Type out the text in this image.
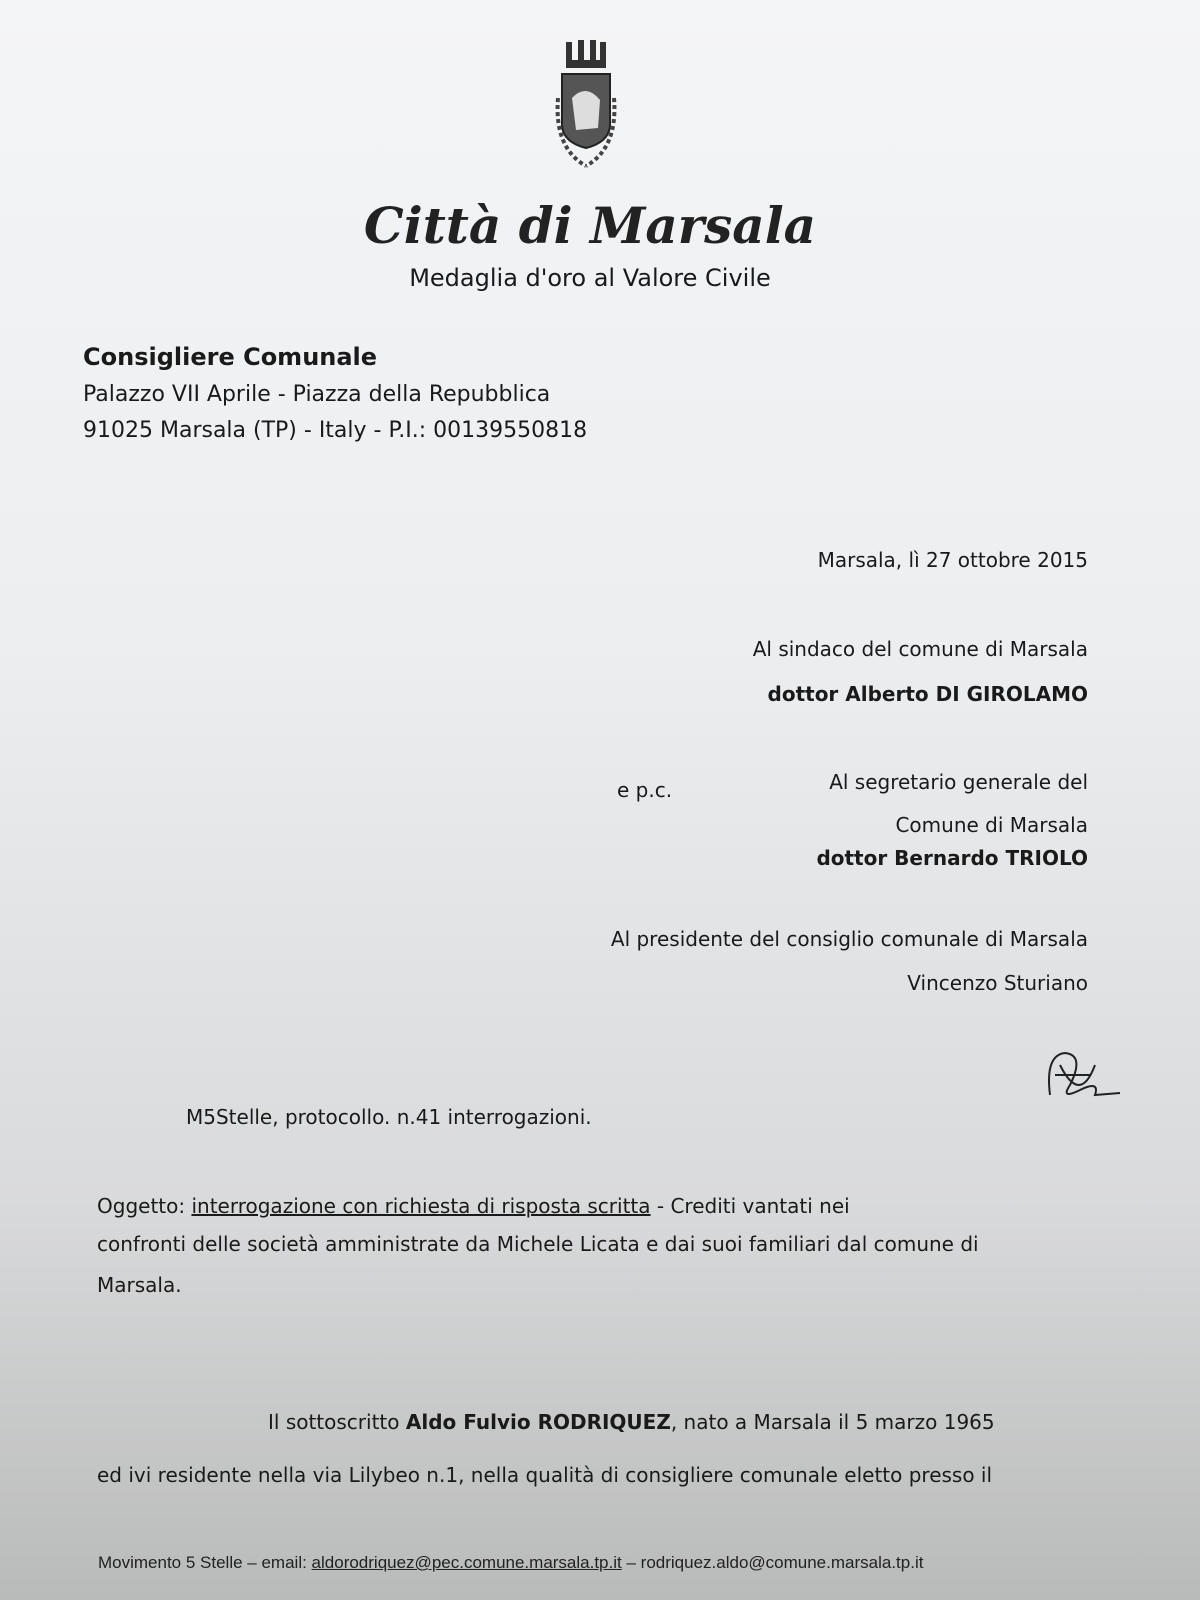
Città di Marsala
Medaglia d'oro al Valore Civile
Consigliere Comunale
Palazzo VII Aprile - Piazza della Repubblica
91025 Marsala (TP) - Italy - P.I.: 00139550818
Marsala, lì 27 ottobre 2015
Al sindaco del comune di Marsala
dottor Alberto DI GIROLAMO
e p.c.	Al segretario generale del
Comune di Marsala
dottor Bernardo TRIOLO
Al presidente del consiglio comunale di Marsala
Vincenzo Sturiano
M5Stelle, protocollo. n.41 interrogazioni.
Oggetto: interrogazione con richiesta di risposta scritta - Crediti vantati nei
confronti delle società amministrate da Michele Licata e dai suoi familiari dal comune di
Marsala.
Il sottoscritto Aldo Fulvio RODRIQUEZ, nato a Marsala il 5 marzo 1965
ed ivi residente nella via Lilybeo n.1, nella qualità di consigliere comunale eletto presso il
Movimento 5 Stelle – email: aldorodriquez@pec.comune.marsala.tp.it – rodriquez.aldo@comune.marsala.tp.it
